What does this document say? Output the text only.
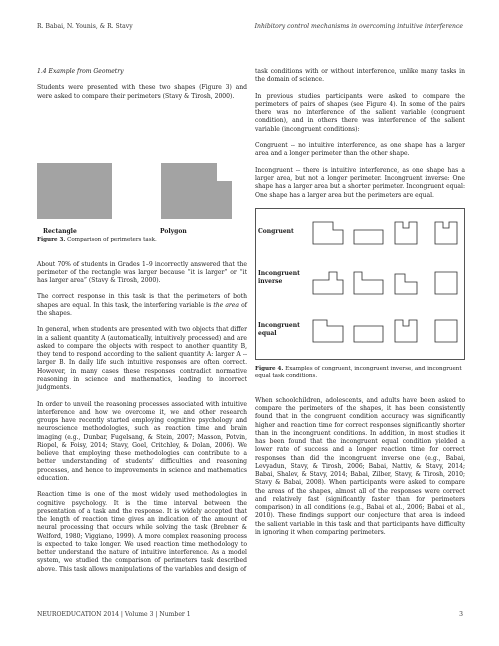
R. Babai, N. Younis, & R. Stavy	Inhibitory control mechanisms in overcoming intuitive interference
1.4 Example from Geometry

Students were presented with these two shapes (Figure 3) and were asked to compare their perimeters (Stavy & Tirosh, 2000).

Rectangle	Polygon
Figure 3. Comparison of perimeters task.

About 70% of students in Grades 1–9 incorrectly answered that the perimeter of the rectangle was larger because “it is larger” or “it has larger area” (Stavy & Tirosh, 2000).

The correct response in this task is that the perimeters of both shapes are equal. In this task, the interfering variable is the area of the shapes.

In general, when students are presented with two objects that differ in a salient quantity A (automatically, intuitively processed) and are asked to compare the objects with respect to another quantity B, they tend to respond according to the salient quantity A: larger A -- larger B. In daily life such intuitive responses are often correct. However, in many cases these responses contradict normative reasoning in science and mathematics, leading to incorrect judgments.

In order to unveil the reasoning processes associated with intuitive interference and how we overcome it, we and other research groups have recently started employing cognitive psychology and neuroscience methodologies, such as reaction time and brain imaging (e.g., Dunbar, Fugelsang, & Stein, 2007; Masson, Potvin, Riopel, & Foisy, 2014; Stavy, Goel, Critchley, & Dolan, 2006). We believe that employing these methodologies can contribute to a better understanding of students’ difficulties and reasoning processes, and hence to improvements in science and mathematics education.

Reaction time is one of the most widely used methodologies in cognitive psychology. It is the time interval between the presentation of a task and the response. It is widely accepted that the length of reaction time gives an indication of the amount of neural processing that occurs while solving the task (Brebner & Welford, 1980; Viggiano, 1999). A more complex reasoning process is expected to take longer. We used reaction time methodology to better understand the nature of intuitive interference. As a model system, we studied the comparison of perimeters task described above. This task allows manipulations of the variables and design of

task conditions with or without interference, unlike many tasks in the domain of science.

In previous studies participants were asked to compare the perimeters of pairs of shapes (see Figure 4). In some of the pairs there was no interference of the salient variable (congruent condition), and in others there was interference of the salient variable (incongruent conditions):

Congruent -- no intuitive interference, as one shape has a larger area and a longer perimeter than the other shape.

Incongruent -- there is intuitive interference, as one shape has a larger area, but not a longer perimeter. Incongruent inverse: One shape has a larger area but a shorter perimeter. Incongruent equal: One shape has a larger area but the perimeters are equal.

Congruent
Incongruent
inverse
Incongruent
equal
Figure 4. Examples of congruent, incongruent inverse, and incongruent equal task conditions.

When schoolchildren, adolescents, and adults have been asked to compare the perimeters of the shapes, it has been consistently found that in the congruent condition accuracy was significantly higher and reaction time for correct responses significantly shorter than in the incongruent conditions. In addition, in most studies it has been found that the incongruent equal condition yielded a lower rate of success and a longer reaction time for correct responses than did the incongruent inverse one (e.g., Babai, Levyadun, Stavy, & Tirosh, 2006; Babai, Nattiv, & Stavy, 2014; Babai, Shalev, & Stavy, 2014; Babai, Zilber, Stavy, & Tirosh, 2010; Stavy & Babai, 2008). When participants were asked to compare the areas of the shapes, almost all of the responses were correct and relatively fast (significantly faster than for perimeters comparison) in all conditions (e.g., Babai et al., 2006; Babai et al., 2010). These findings support our conjecture that area is indeed the salient variable in this task and that participants have difficulty in ignoring it when comparing perimeters.

NEUROEDUCATION 2014 | Volume 3 | Number 1	3
